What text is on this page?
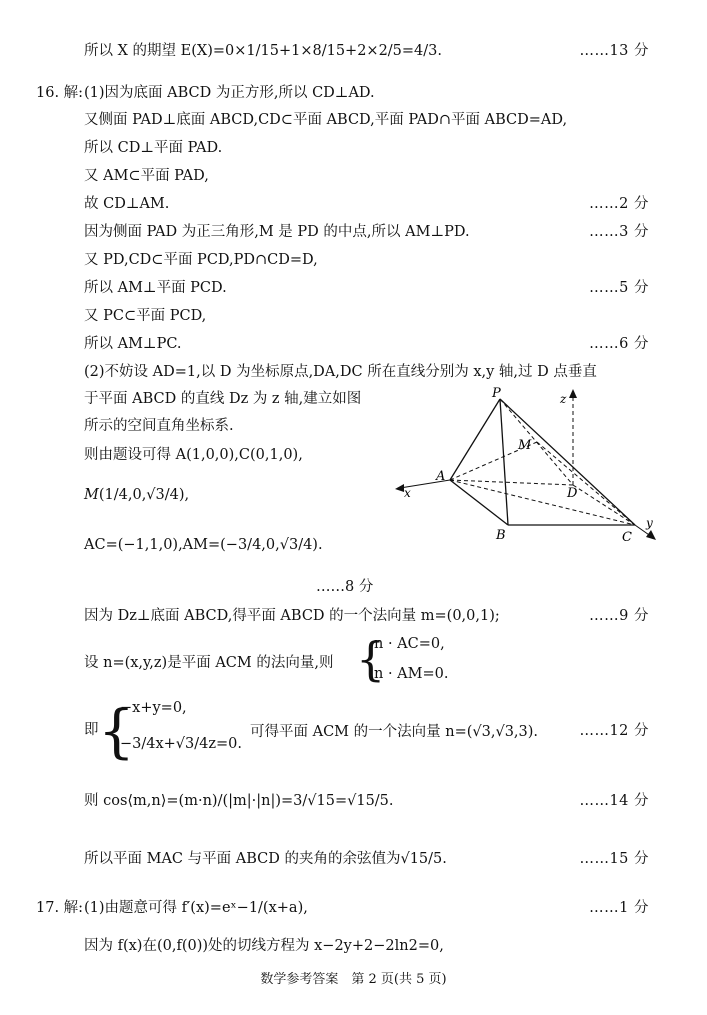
所以 X 的期望 E(X)=0×1/15+1×8/15+2×2/5=4/3.	……13 分
16. 解: (1)因为底面 ABCD 为正方形,所以 CD⊥AD.
又侧面 PAD⊥底面 ABCD,CD⊂平面 ABCD,平面 PAD∩平面 ABCD=AD,
所以 CD⊥平面 PAD.
又 AM⊂平面 PAD,
故 CD⊥AM.	……2 分
因为侧面 PAD 为正三角形,M 是 PD 的中点,所以 AM⊥PD.	……3 分
又 PD,CD⊂平面 PCD,PD∩CD=D,
所以 AM⊥平面 PCD.	……5 分
又 PC⊂平面 PCD,
所以 AM⊥PC.	……6 分
(2)不妨设 AD=1,以 D 为坐标原点,DA,DC 所在直线分别为 x,y 轴,过 D 点垂直
于平面 ABCD 的直线 Dz 为 z 轴,建立如图
所示的空间直角坐标系.
则由题设可得 A(1,0,0),C(0,1,0),
M(1/4,0,√3/4),
AC=(−1,1,0),AM=(−3/4,0,√3/4).
……8 分
因为 Dz⊥底面 ABCD,得平面 ABCD 的一个法向量 m=(0,0,1);	……9 分
设 n=(x,y,z)是平面 ACM 的法向量,则 {
n · AC=0,
n · AM=0.
即 {
−x+y=0,
−3/4x+√3/4z=0.
可得平面 ACM 的一个法向量 n=(√3,√3,3).	……12 分
则 cos⟨m,n⟩=(m·n)/(|m|·|n|)=3/√15=√15/5.	……14 分
所以平面 MAC 与平面 ABCD 的夹角的余弦值为√15/5.	……15 分
17. 解: (1)由题意可得 f′(x)=eˣ−1/(x+a),	……1 分
因为 f(x)在(0,f(0))处的切线方程为 x−2y+2−2ln2=0,
P
M
A
D
B	C
x
y
z
数学参考答案　第 2 页(共 5 页)
